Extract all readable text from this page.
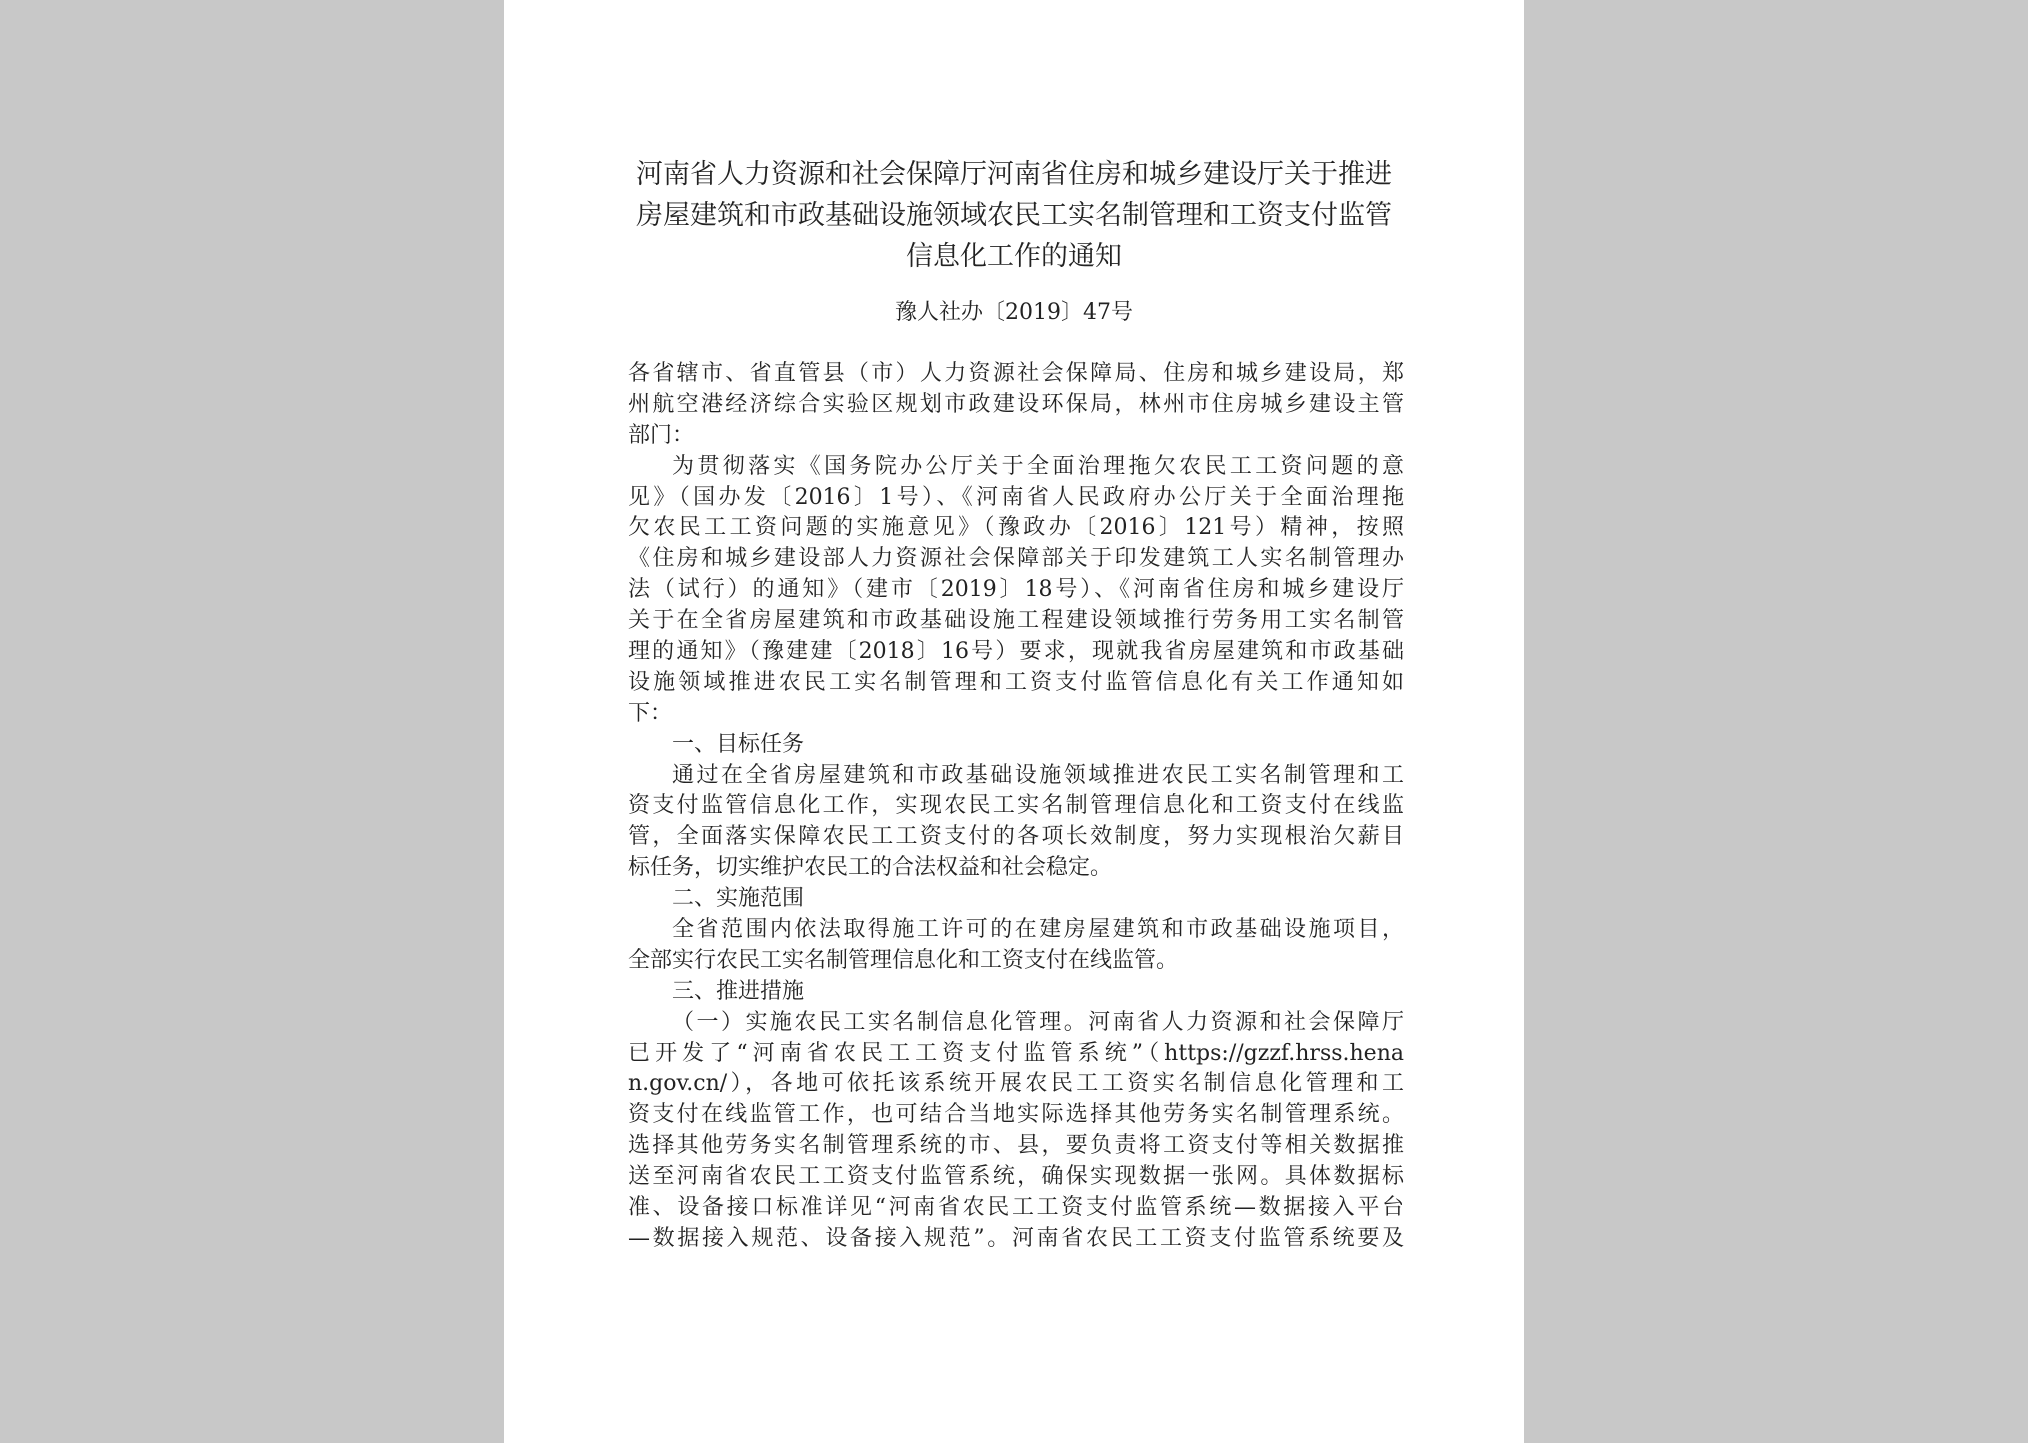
河南省人力资源和社会保障厅河南省住房和城乡建设厅关于推进
房屋建筑和市政基础设施领域农民工实名制管理和工资支付监管
信息化工作的通知
豫人社办〔2019〕47号
各省辖市、省直管县（市）人力资源社会保障局、住房和城乡建设局，郑
州航空港经济综合实验区规划市政建设环保局，林州市住房城乡建设主管
部门：
为贯彻落实《国务院办公厅关于全面治理拖欠农民工工资问题的意
见》（国办发〔2016〕1号）、《河南省人民政府办公厅关于全面治理拖
欠农民工工资问题的实施意见》（豫政办〔2016〕121号）精神，按照
《住房和城乡建设部人力资源社会保障部关于印发建筑工人实名制管理办
法（试行）的通知》（建市〔2019〕18号）、《河南省住房和城乡建设厅
关于在全省房屋建筑和市政基础设施工程建设领域推行劳务用工实名制管
理的通知》（豫建建〔2018〕16号）要求，现就我省房屋建筑和市政基础
设施领域推进农民工实名制管理和工资支付监管信息化有关工作通知如
下：
一、目标任务
通过在全省房屋建筑和市政基础设施领域推进农民工实名制管理和工
资支付监管信息化工作，实现农民工实名制管理信息化和工资支付在线监
管，全面落实保障农民工工资支付的各项长效制度，努力实现根治欠薪目
标任务，切实维护农民工的合法权益和社会稳定。
二、实施范围
全省范围内依法取得施工许可的在建房屋建筑和市政基础设施项目，
全部实行农民工实名制管理信息化和工资支付在线监管。
三、推进措施
（一）实施农民工实名制信息化管理。河南省人力资源和社会保障厅
已开发了“河南省农民工工资支付监管系统”（https://gzzf.hrss.hena
n.gov.cn/），各地可依托该系统开展农民工工资实名制信息化管理和工
资支付在线监管工作，也可结合当地实际选择其他劳务实名制管理系统。
选择其他劳务实名制管理系统的市、县，要负责将工资支付等相关数据推
送至河南省农民工工资支付监管系统，确保实现数据一张网。具体数据标
准、设备接口标准详见“河南省农民工工资支付监管系统—数据接入平台
—数据接入规范、设备接入规范”。河南省农民工工资支付监管系统要及
